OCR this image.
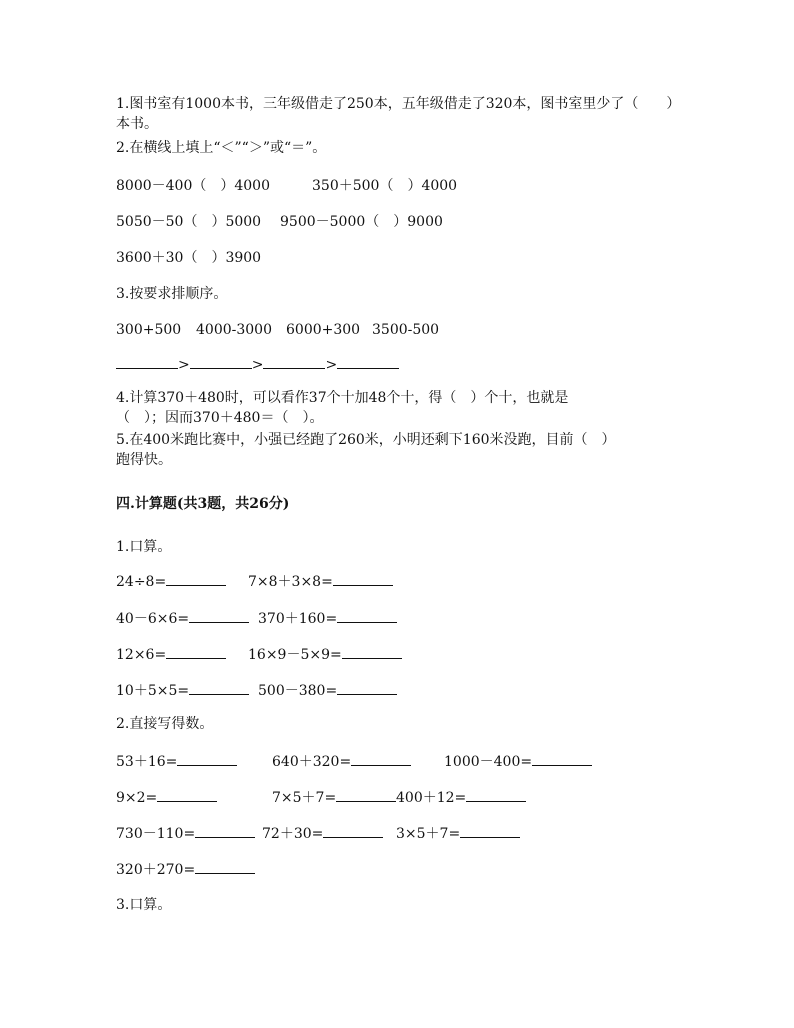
1.图书室有1000本书，三年级借走了250本，五年级借走了320本，图书室里少了（　　）本书。
2.在横线上填上“＜”“＞”或“＝”。
8000－400（　）4000	350＋500（　）4000
5050－50（　）5000 9500－5000（　）9000
3600＋30（　）3900
3.按要求排顺序。
300+500 4000-3000 6000+300 3500-500
>	>	>
4.计算370＋480时，可以看作37个十加48个十，得（　）个十，也就是（　）；因而370＋480＝（　）。
5.在400米跑比赛中，小强已经跑了260米，小明还剩下160米没跑，目前（　）跑得快。
四.计算题(共3题，共26分)
1.口算。
24÷8=	7×8＋3×8=
40－6×6=	370＋160=
12×6=	16×9－5×9=
10＋5×5=	500－380=
2.直接写得数。
53＋16=	640＋320=	1000－400=
9×2=	7×5＋7=	400＋12=
730－110=	72＋30=	3×5＋7=
320＋270=
3.口算。
